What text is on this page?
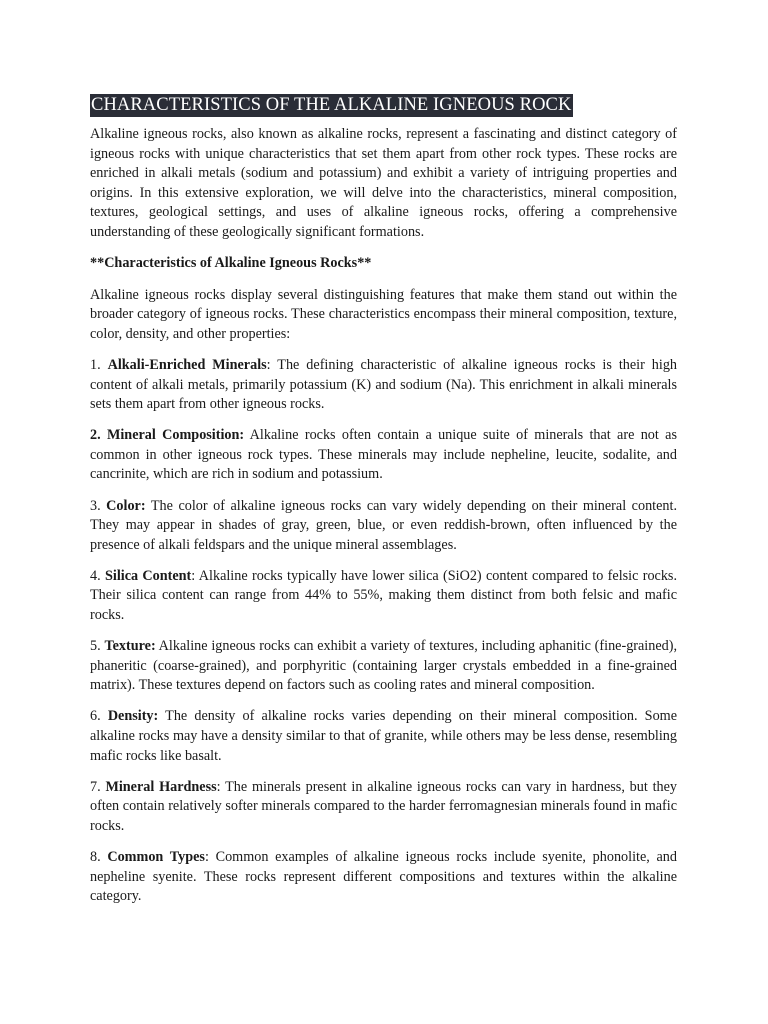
CHARACTERISTICS OF THE ALKALINE IGNEOUS ROCK

Alkaline igneous rocks, also known as alkaline rocks, represent a fascinating and distinct category of igneous rocks with unique characteristics that set them apart from other rock types. These rocks are enriched in alkali metals (sodium and potassium) and exhibit a variety of intriguing properties and origins. In this extensive exploration, we will delve into the characteristics, mineral composition, textures, geological settings, and uses of alkaline igneous rocks, offering a comprehensive understanding of these geologically significant formations.

**Characteristics of Alkaline Igneous Rocks**

Alkaline igneous rocks display several distinguishing features that make them stand out within the broader category of igneous rocks. These characteristics encompass their mineral composition, texture, color, density, and other properties:

1. Alkali-Enriched Minerals: The defining characteristic of alkaline igneous rocks is their high content of alkali metals, primarily potassium (K) and sodium (Na). This enrichment in alkali minerals sets them apart from other igneous rocks.

2. Mineral Composition: Alkaline rocks often contain a unique suite of minerals that are not as common in other igneous rock types. These minerals may include nepheline, leucite, sodalite, and cancrinite, which are rich in sodium and potassium.

3. Color: The color of alkaline igneous rocks can vary widely depending on their mineral content. They may appear in shades of gray, green, blue, or even reddish-brown, often influenced by the presence of alkali feldspars and the unique mineral assemblages.

4. Silica Content: Alkaline rocks typically have lower silica (SiO2) content compared to felsic rocks. Their silica content can range from 44% to 55%, making them distinct from both felsic and mafic rocks.

5. Texture: Alkaline igneous rocks can exhibit a variety of textures, including aphanitic (fine-grained), phaneritic (coarse-grained), and porphyritic (containing larger crystals embedded in a fine-grained matrix). These textures depend on factors such as cooling rates and mineral composition.

6. Density: The density of alkaline rocks varies depending on their mineral composition. Some alkaline rocks may have a density similar to that of granite, while others may be less dense, resembling mafic rocks like basalt.

7. Mineral Hardness: The minerals present in alkaline igneous rocks can vary in hardness, but they often contain relatively softer minerals compared to the harder ferromagnesian minerals found in mafic rocks.

8. Common Types: Common examples of alkaline igneous rocks include syenite, phonolite, and nepheline syenite. These rocks represent different compositions and textures within the alkaline category.
